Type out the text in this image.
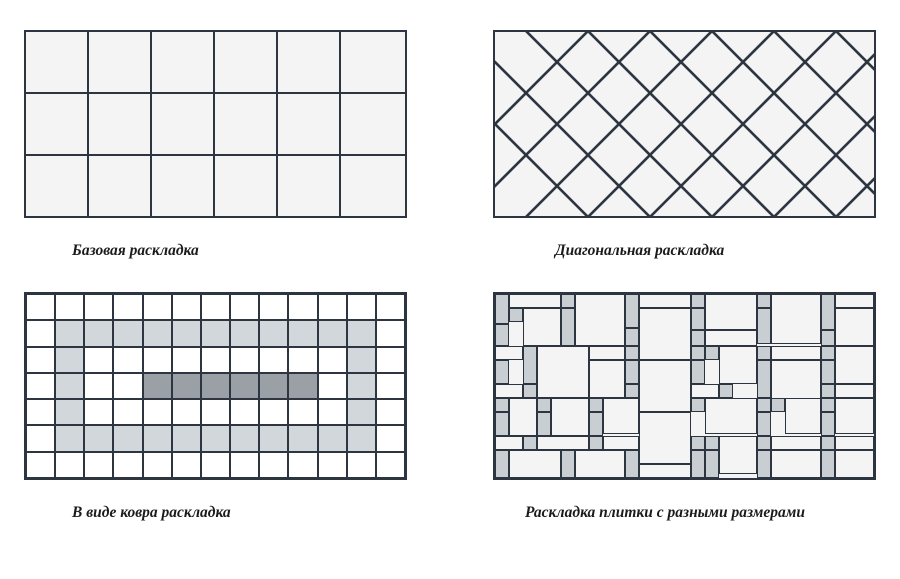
Базовая раскладка	Диагональная раскладка
В виде ковра раскладка	Раскладка плитки с разными размерами
